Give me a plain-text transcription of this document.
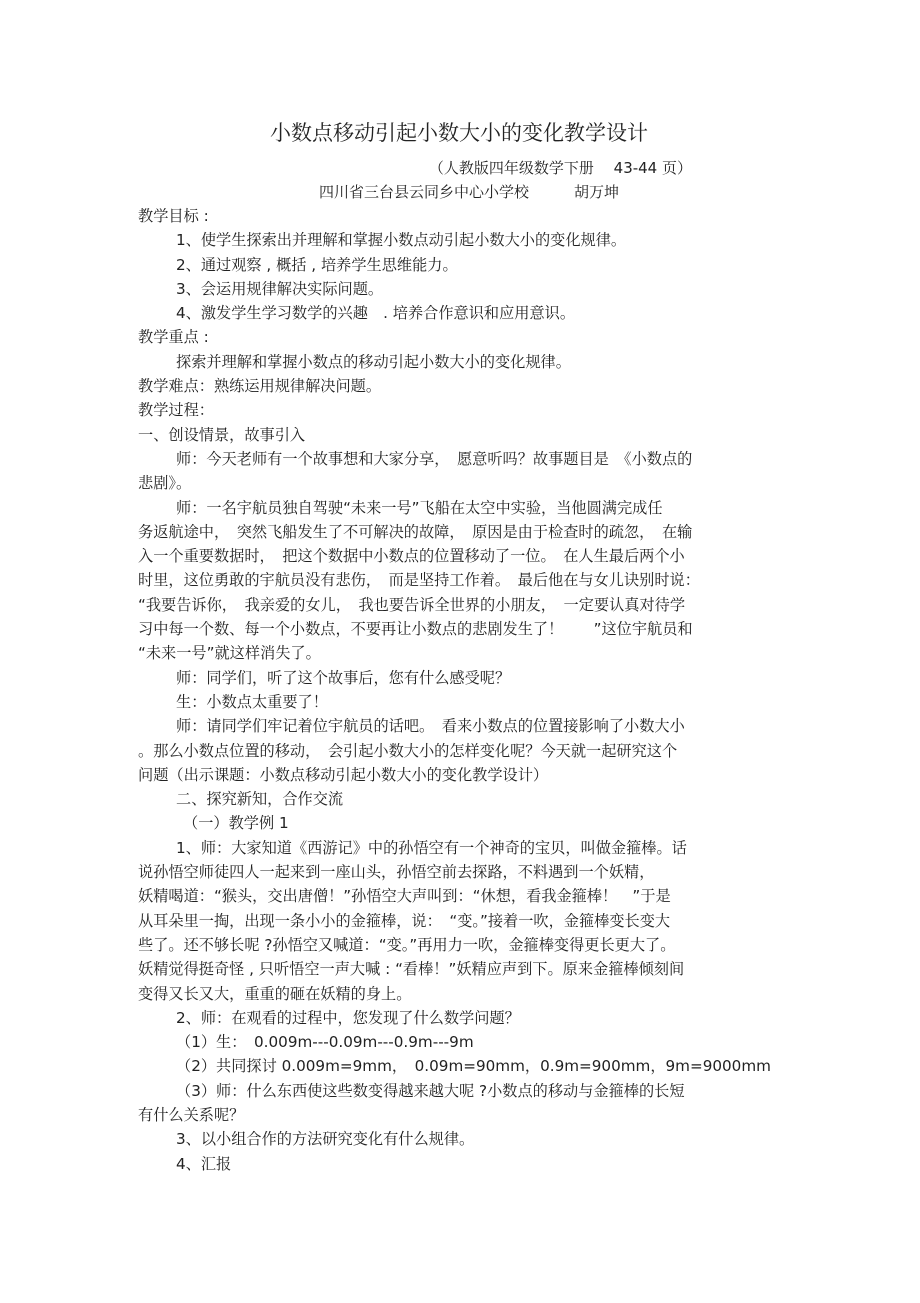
小数点移动引起小数大小的变化教学设计
（人教版四年级数学下册　 43-44 页）
四川省三台县云同乡中心小学校　　　胡万坤

教学目标 :

1、使学生探索出并理解和掌握小数点动引起小数大小的变化规律。

2、通过观察 , 概括 , 培养学生思维能力。

3、会运用规律解决实际问题。

4、激发学生学习数学的兴趣　. 培养合作意识和应用意识。

教学重点 :

探索并理解和掌握小数点的移动引起小数大小的变化规律。

教学难点：熟练运用规律解决问题。

教学过程：

一、创设情景，故事引入

师：今天老师有一个故事想和大家分享，　愿意听吗？故事题目是　《小数点的

悲剧》。

师：一名宇航员独自驾驶“未来一号”飞船在太空中实验，当他圆满完成任

务返航途中，　突然飞船发生了不可解决的故障，　原因是由于检查时的疏忽，　在输

入一个重要数据时，　把这个数据中小数点的位置移动了一位。　在人生最后两个小

时里，这位勇敢的宇航员没有悲伤，　而是坚持工作着。　最后他在与女儿诀别时说：

“我要告诉你，　我亲爱的女儿，　我也要告诉全世界的小朋友，　一定要认真对待学

习中每一个数、每一个小数点，不要再让小数点的悲剧发生了！　　”这位宇航员和

“未来一号”就这样消失了。

师：同学们，听了这个故事后，您有什么感受呢？

生：小数点太重要了！

师：请同学们牢记着位宇航员的话吧。　看来小数点的位置接影响了小数大小

。那么小数点位置的移动，　会引起小数大小的怎样变化呢？今天就一起研究这个

问题（出示课题：小数点移动引起小数大小的变化教学设计）

二、探究新知，合作交流

（一）教学例 1

1、师：大家知道《西游记》中的孙悟空有一个神奇的宝贝，叫做金箍棒。话

说孙悟空师徒四人一起来到一座山头，孙悟空前去探路，不料遇到一个妖精，

妖精喝道：“猴头，交出唐僧！”孙悟空大声叫到：“休想，看我金箍棒！　”于是

从耳朵里一掏，出现一条小小的金箍棒，说：　“变。”接着一吹，金箍棒变长变大

些了。还不够长呢 ?孙悟空又喊道：“变。”再用力一吹，金箍棒变得更长更大了。

妖精觉得挺奇怪 , 只听悟空一声大喊 : “看棒！”妖精应声到下。原来金箍棒倾刻间

变得又长又大，重重的砸在妖精的身上。

2、师：在观看的过程中，您发现了什么数学问题？

（1）生：　0.009m---0.09m---0.9m---9m

（2）共同探讨 0.009m=9mm，　0.09m=90mm，0.9m=900mm，9m=9000mm

（3）师：什么东西使这些数变得越来越大呢 ?小数点的移动与金箍棒的长短

有什么关系呢？

3、以小组合作的方法研究变化有什么规律。

4、汇报
